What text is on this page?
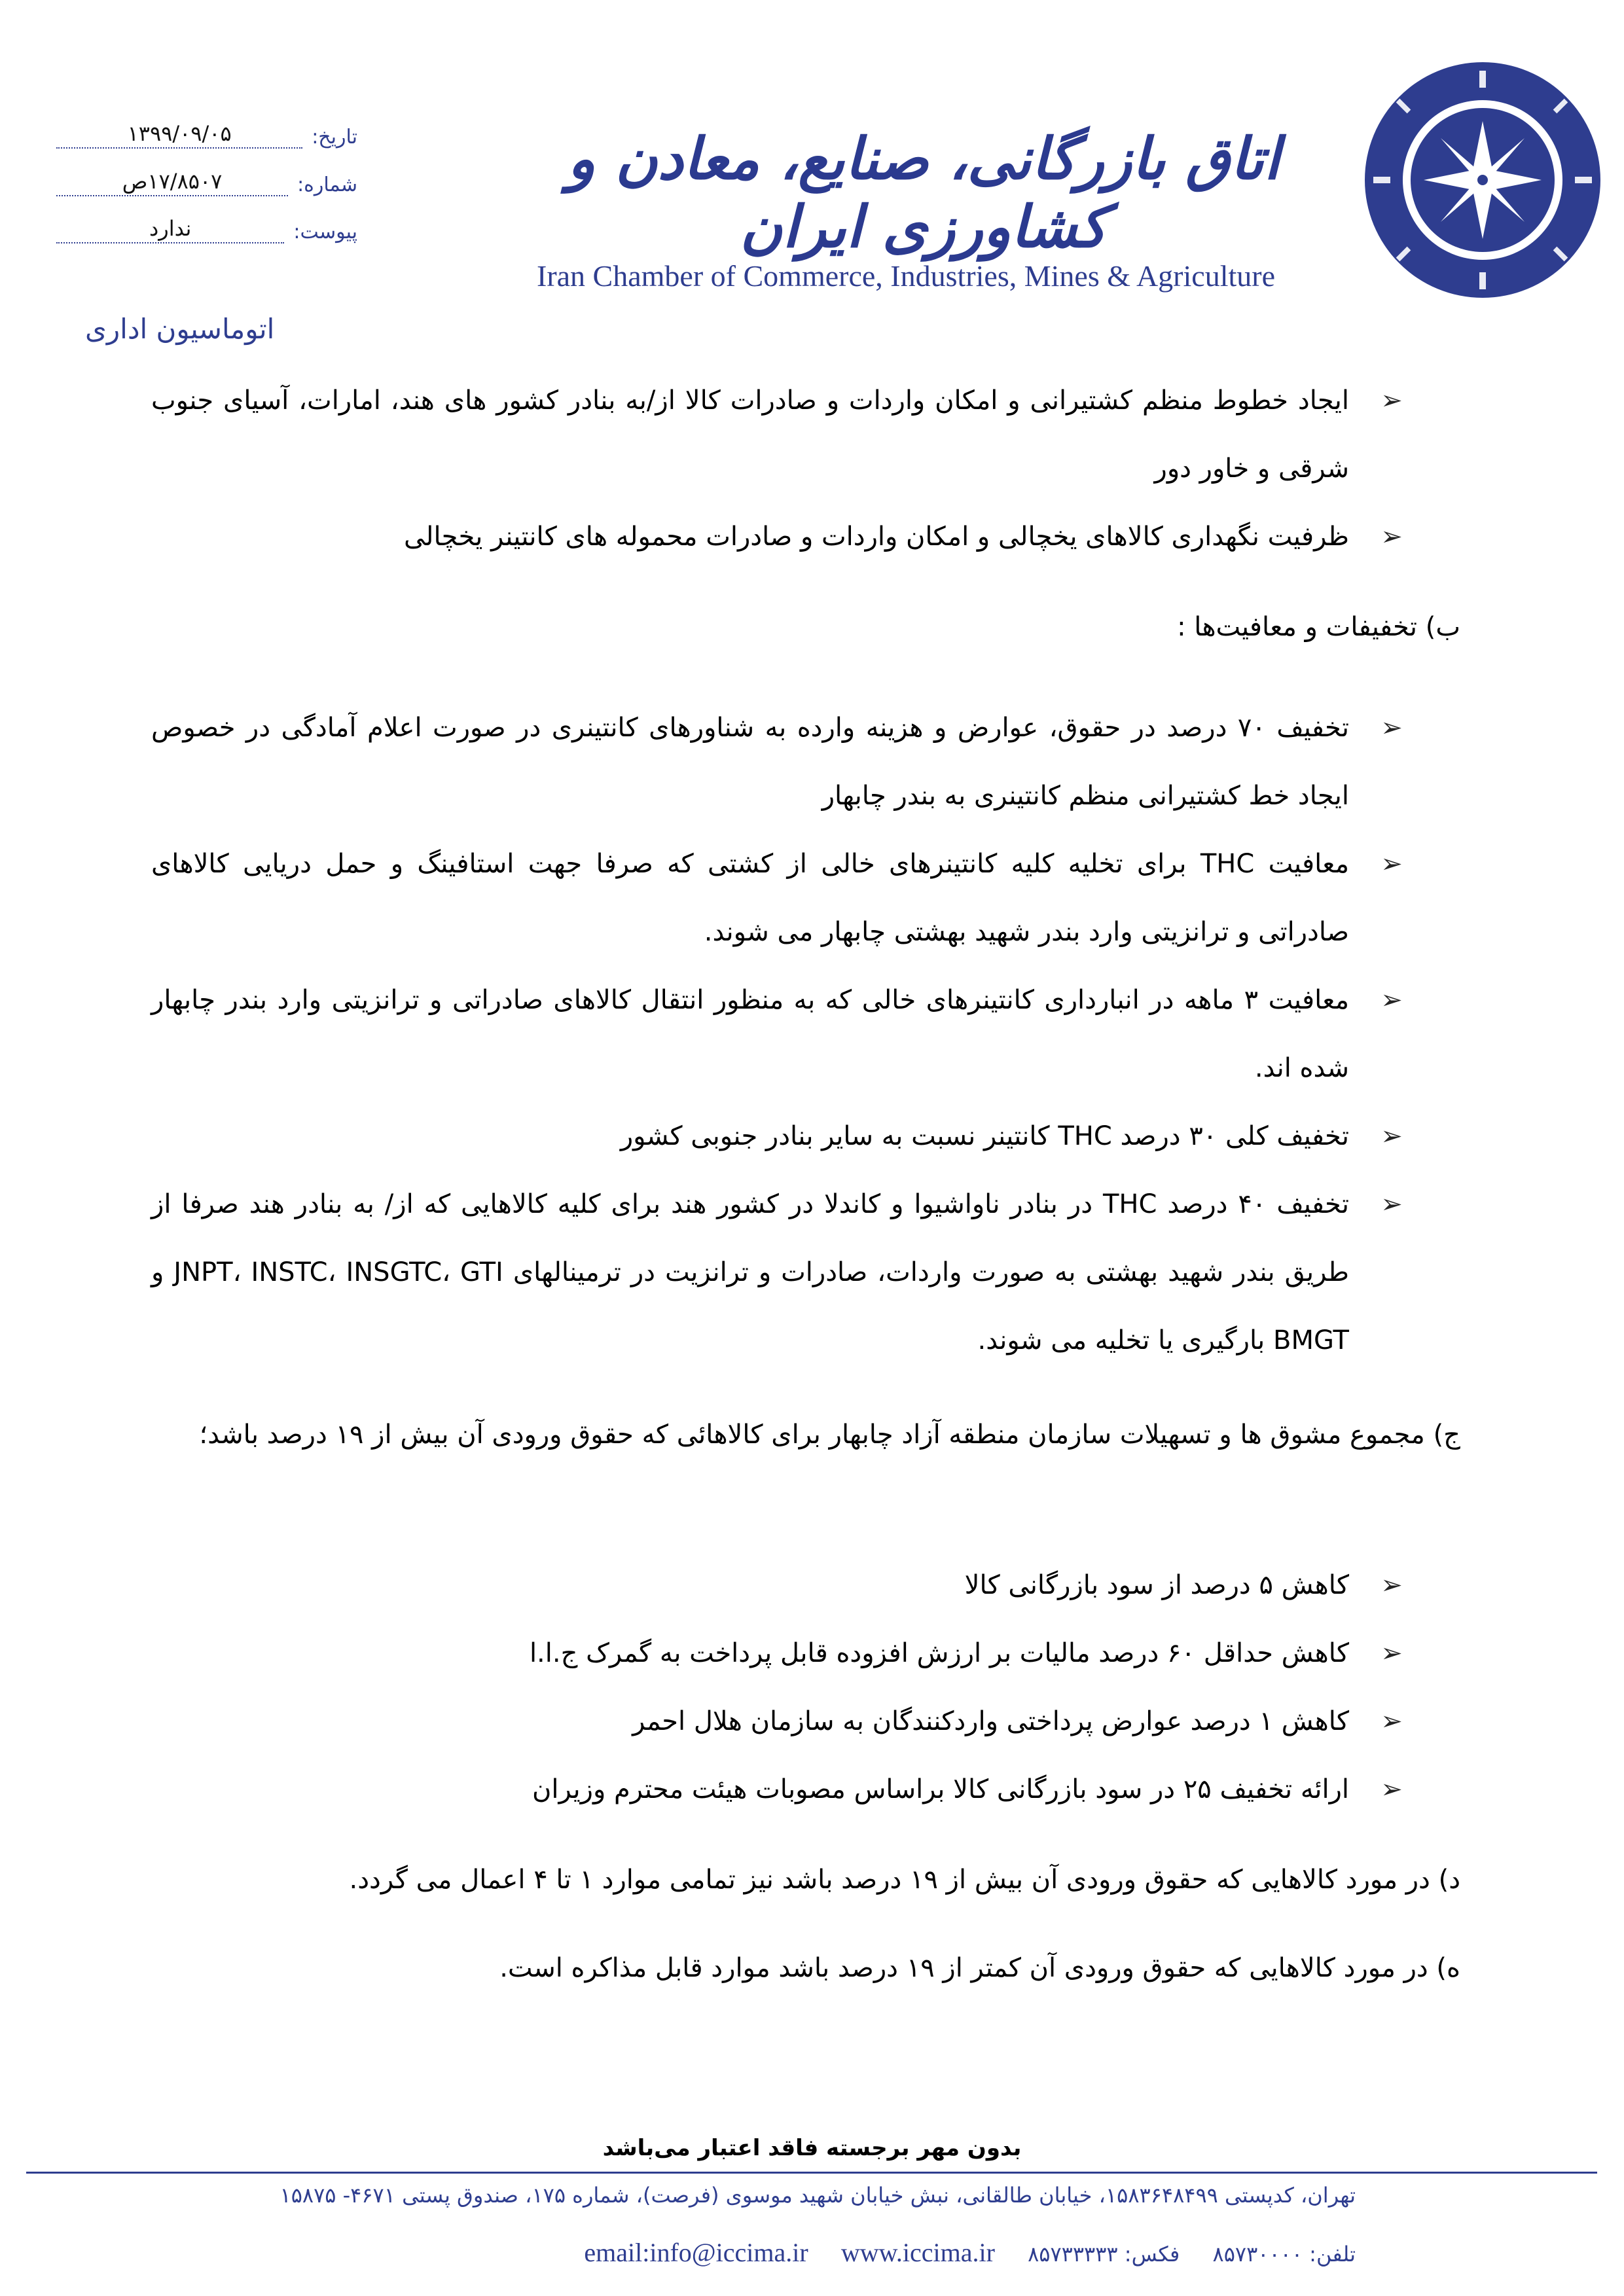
اتاق بازرگانی، صنایع، معادن و کشاورزی ایران
Iran Chamber of Commerce, Industries, Mines & Agriculture
تاریخ:
۱۳۹۹/۰۹/۰۵
شماره:
۱۷/۸۵۰۷ص
پیوست:
ندارد
اتوماسیون اداری
➢
ایجاد خطوط منظم کشتیرانی و امکان واردات و صادرات کالا از/به بنادر کشور های هند، امارات، آسیای جنوب شرقی و خاور دور
➢
ظرفیت نگهداری کالاهای یخچالی و امکان واردات و صادرات محموله های کانتینر یخچالی
ب) تخفیفات و معافیت‌ها :
➢
تخفیف ۷۰ درصد در حقوق، عوارض و هزینه وارده به شناورهای کانتینری در صورت اعلام آمادگی در خصوص ایجاد خط کشتیرانی منظم کانتینری به بندر چابهار
➢
معافیت THC برای تخلیه کلیه کانتینرهای خالی از کشتی که صرفا جهت استافینگ و حمل دریایی کالاهای صادراتی و ترانزیتی وارد بندر شهید بهشتی چابهار می شوند.
➢
معافیت ۳ ماهه در انبارداری کانتینرهای خالی که به منظور انتقال کالاهای صادراتی و ترانزیتی وارد بندر چابهار شده اند.
➢
تخفیف کلی ۳۰ درصد THC کانتینر نسبت به سایر بنادر جنوبی کشور
➢
تخفیف ۴۰ درصد THC در بنادر ناواشیوا و کاندلا در کشور هند برای کلیه کالاهایی که از/ به بنادر هند صرفا از طریق بندر شهید بهشتی به صورت واردات، صادرات و ترانزیت در ترمینالهای JNPT، INSTC، INSGTC، GTI و BMGT بارگیری یا تخلیه می شوند.
ج) مجموع مشوق ها و تسهیلات سازمان منطقه آزاد چابهار برای کالاهائی که حقوق ورودی آن بیش از ۱۹ درصد باشد؛
➢
کاهش ۵ درصد از سود بازرگانی کالا
➢
کاهش حداقل ۶۰ درصد مالیات بر ارزش افزوده قابل پرداخت به گمرک ج.ا.ا
➢
کاهش ۱ درصد عوارض پرداختی واردکنندگان به سازمان هلال احمر
➢
ارائه تخفیف ۲۵ در سود بازرگانی کالا براساس مصوبات هیئت محترم وزیران
د) در مورد کالاهایی که حقوق ورودی آن بیش از ۱۹ درصد باشد نیز تمامی موارد ۱ تا ۴ اعمال می گردد.
ه) در مورد کالاهایی که حقوق ورودی آن کمتر از ۱۹ درصد باشد موارد قابل مذاکره است.
بدون مهر برجسته فاقد اعتبار می‌باشد
تهران، کدپستی ۱۵۸۳۶۴۸۴۹۹، خیابان طالقانی، نبش خیابان شهید موسوی (فرصت)، شماره ۱۷۵، صندوق پستی ۴۶۷۱- ۱۵۸۷۵
تلفن: ۸۵۷۳۰۰۰۰ فکس: ۸۵۷۳۳۳۳۳ email:info@iccima.ir www.iccima.ir
